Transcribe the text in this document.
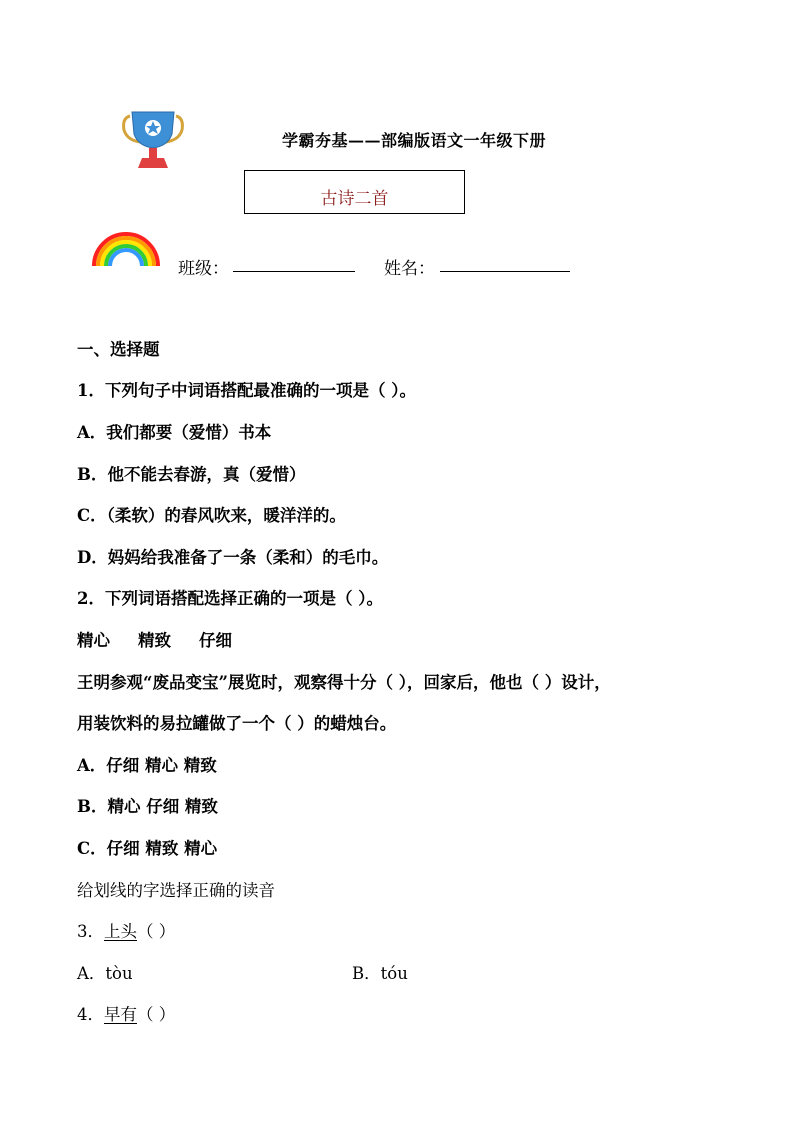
学霸夯基——部编版语文一年级下册
古诗二首
班级：	姓名：
一、选择题
1．下列句子中词语搭配最准确的一项是（ ）。
A．我们都要（爱惜）书本
B．他不能去春游，真（爱惜）
C．（柔软）的春风吹来，暖洋洋的。
D．妈妈给我准备了一条（柔和）的毛巾。
2．下列词语搭配选择正确的一项是（ ）。
精心 精致 仔细
王明参观“废品变宝”展览时，观察得十分（ ），回家后，他也（ ）设计，
用装饮料的易拉罐做了一个（ ）的蜡烛台。
A．仔细 精心 精致
B．精心 仔细 精致
C．仔细 精致 精心
给划线的字选择正确的读音
3．上头（ ）
A．tòu	B．tóu
4．早有（ ）
